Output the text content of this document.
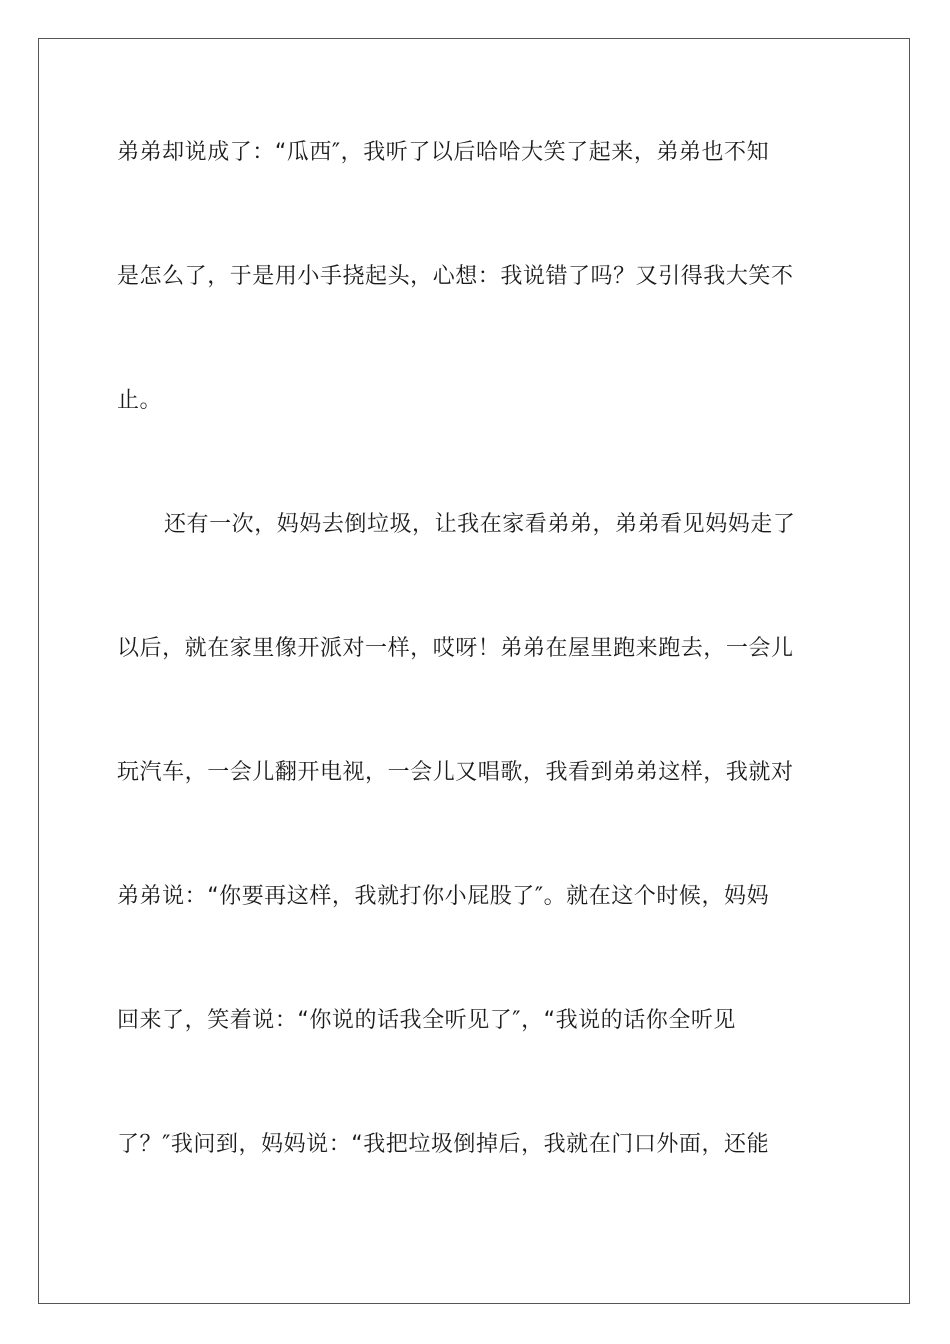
弟弟却说成了：“瓜西″，我听了以后哈哈大笑了起来，弟弟也不知
是怎么了，于是用小手挠起头，心想：我说错了吗？又引得我大笑不
止。
还有一次，妈妈去倒垃圾，让我在家看弟弟，弟弟看见妈妈走了
以后，就在家里像开派对一样，哎呀！弟弟在屋里跑来跑去，一会儿
玩汽车，一会儿翻开电视，一会儿又唱歌，我看到弟弟这样，我就对
弟弟说：“你要再这样，我就打你小屁股了″。就在这个时候，妈妈
回来了，笑着说：“你说的话我全听见了″，“我说的话你全听见
了？″我问到，妈妈说：“我把垃圾倒掉后，我就在门口外面，还能
